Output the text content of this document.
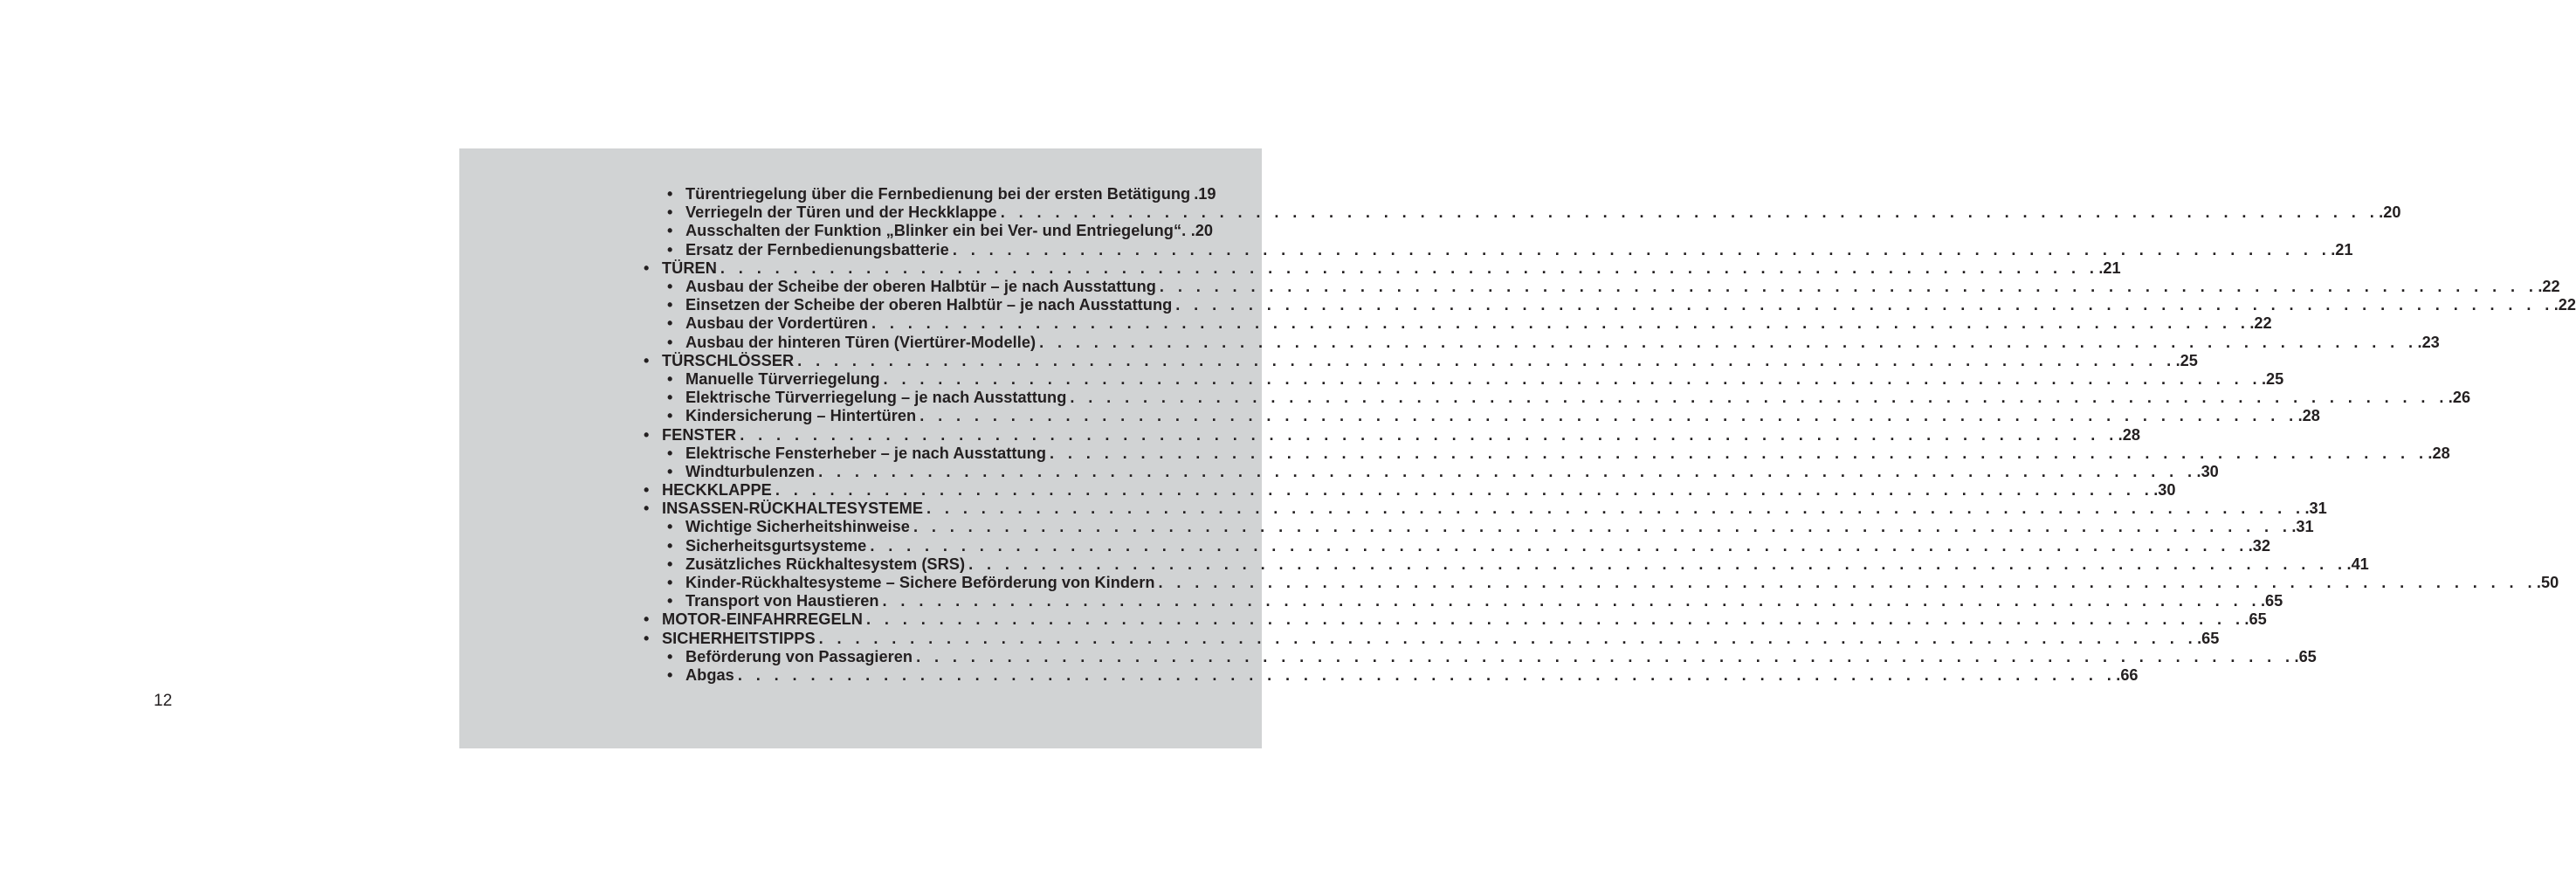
12
• Türentriegelung über die Fernbedienung bei der ersten Betätigung .19
• Verriegeln der Türen und der Heckklappe . . .	.20
• Ausschalten der Funktion „Blinker ein bei Ver- und Entriegelung“. .20
• Ersatz der Fernbedienungsbatterie . . .	.21
• TÜREN . . .	.21
• Ausbau der Scheibe der oberen Halbtür – je nach Ausstattung . . .	.22
• Einsetzen der Scheibe der oberen Halbtür – je nach Ausstattung . . .	.22
• Ausbau der Vordertüren . . .	.22
• Ausbau der hinteren Türen (Viertürer-Modelle) . . .	.23
• TÜRSCHLÖSSER . . .	.25
• Manuelle Türverriegelung . . .	.25
• Elektrische Türverriegelung – je nach Ausstattung . . .	.26
• Kindersicherung – Hintertüren . . .	.28
• FENSTER . . .	.28
• Elektrische Fensterheber – je nach Ausstattung . . .	.28
• Windturbulenzen . . .	.30
• HECKKLAPPE . . .	.30
• INSASSEN-RÜCKHALTESYSTEME . . .	.31
• Wichtige Sicherheitshinweise . . .	.31
• Sicherheitsgurtsysteme . . .	.32
• Zusätzliches Rückhaltesystem (SRS) . . .	.41
• Kinder-Rückhaltesysteme – Sichere Beförderung von Kindern . . .	.50
• Transport von Haustieren . . .	.65
• MOTOR-EINFAHRREGELN . . .	.65
• SICHERHEITSTIPPS . . .	.65
• Beförderung von Passagieren . . .	.65
• Abgas . . .	.66
